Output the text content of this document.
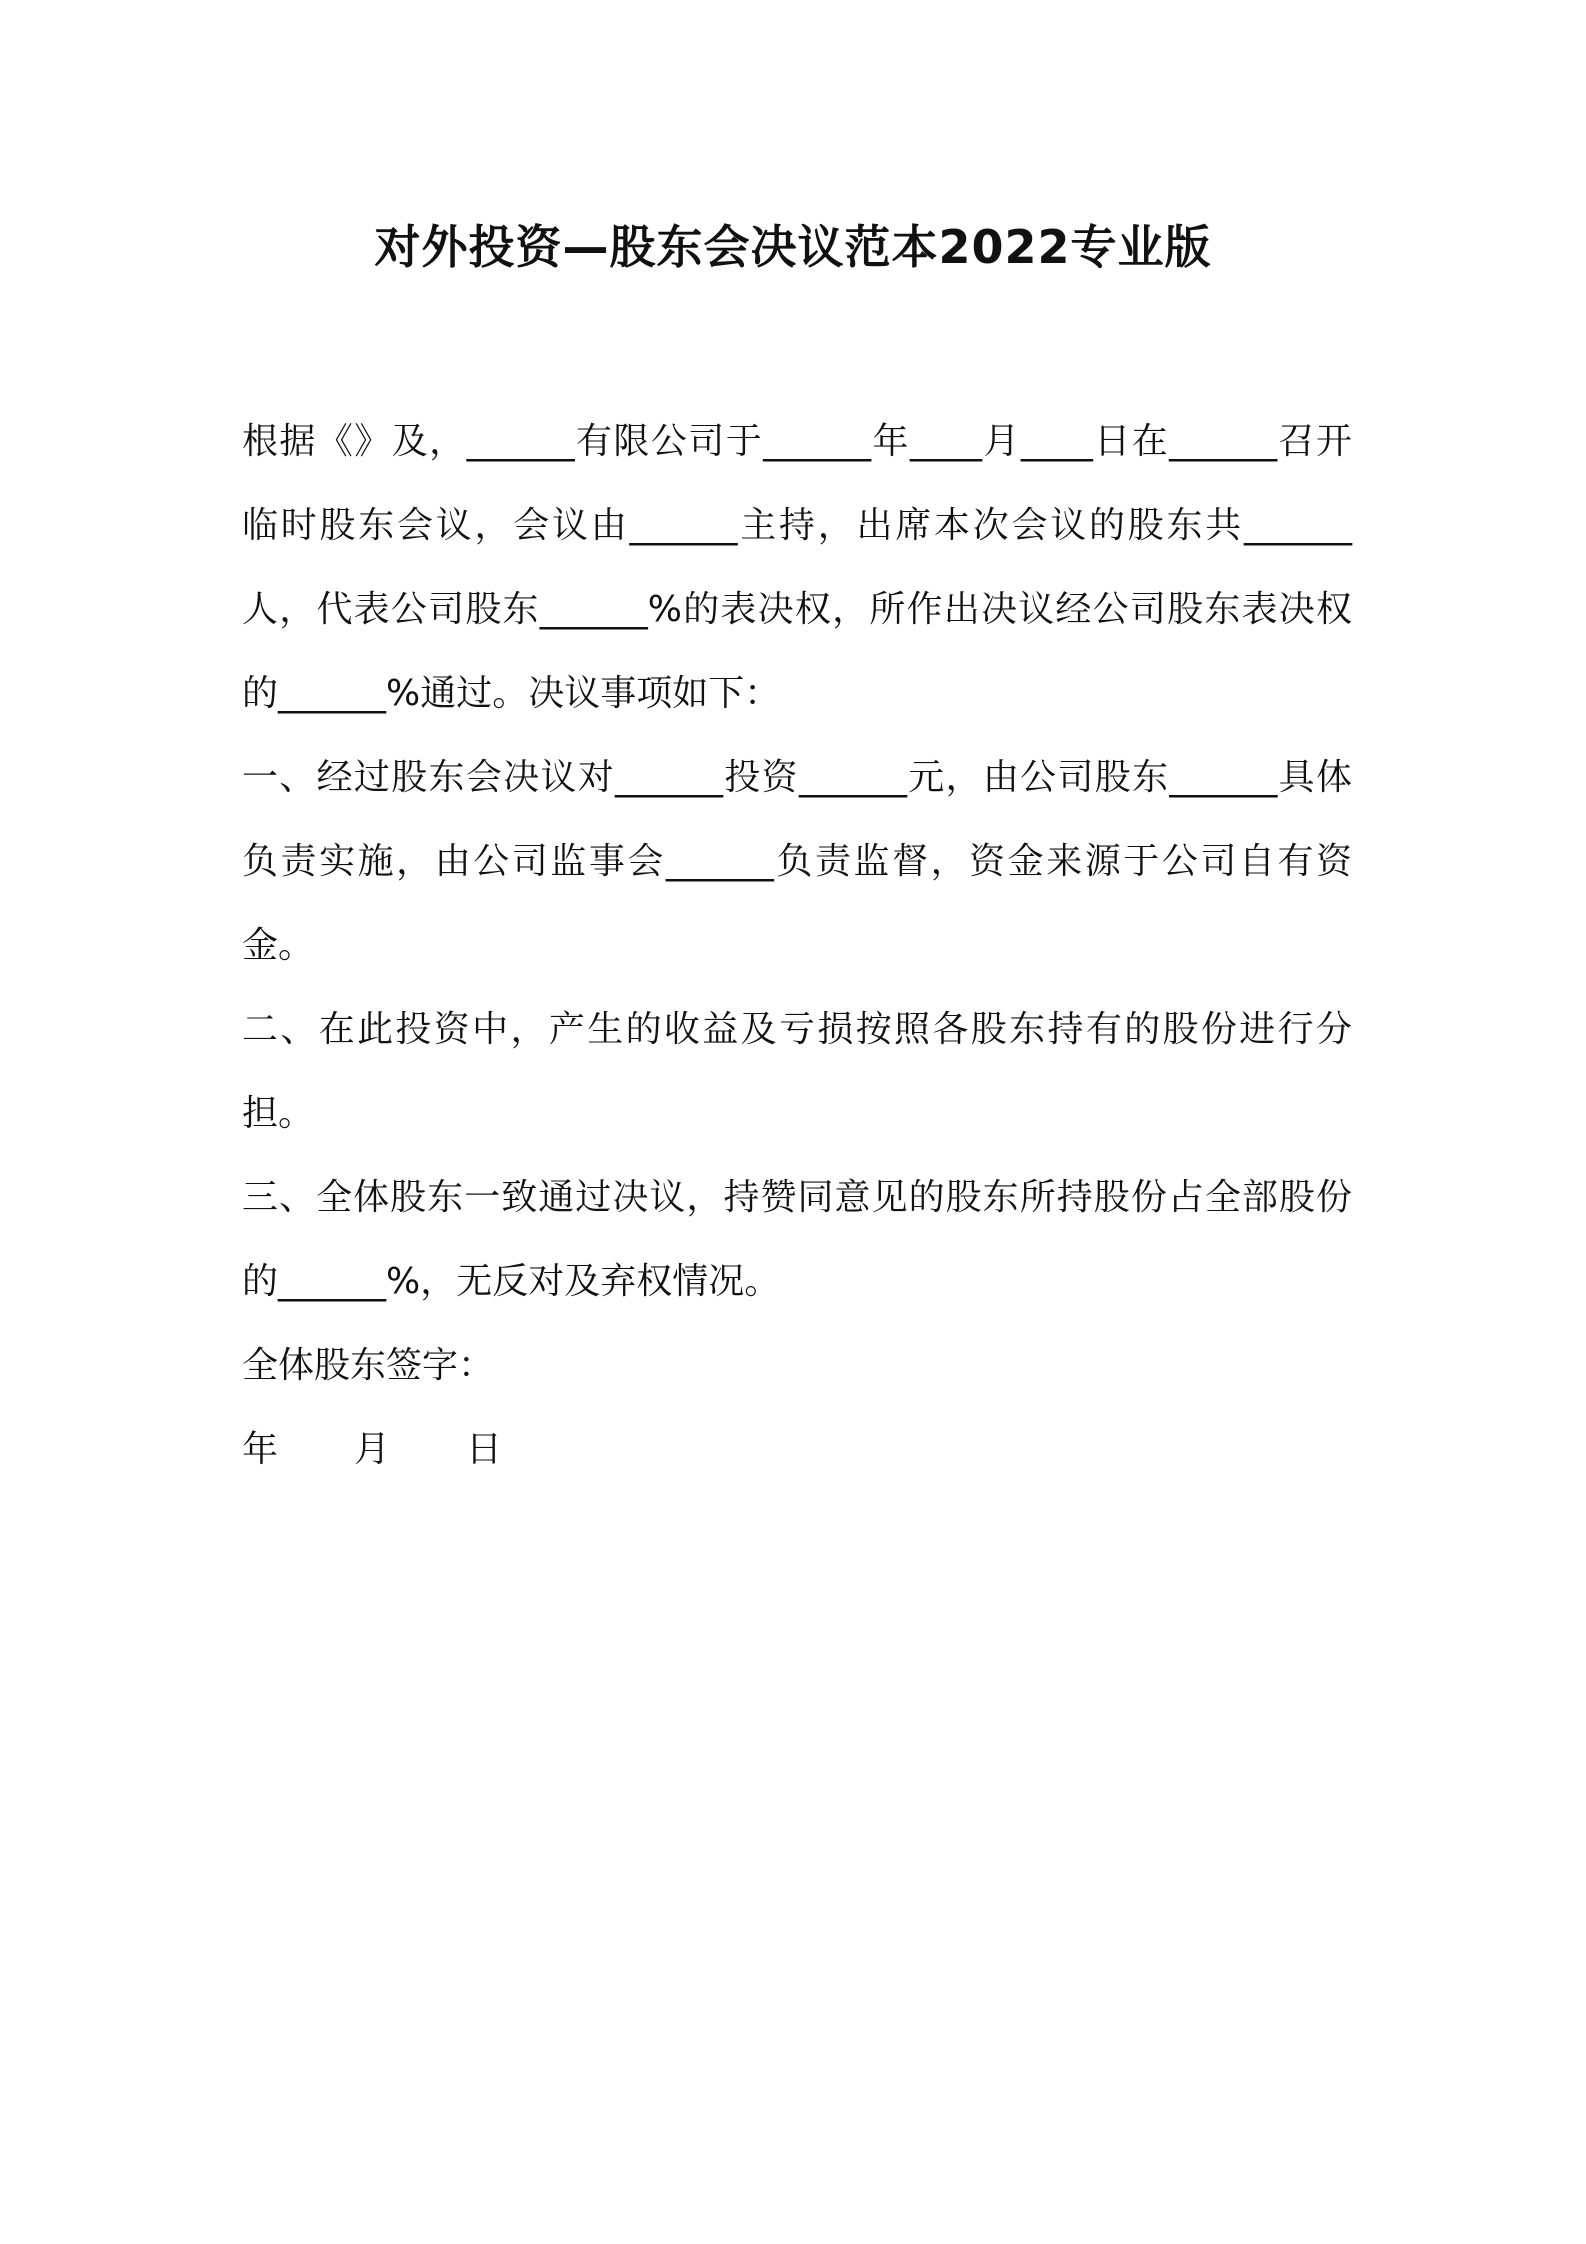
对外投资—股东会决议范本2022专业版

根据《》及，______有限公司于______年____月____日在______召开临时股东会议，会议由______主持，出席本次会议的股东共______人，代表公司股东______%的表决权，所作出决议经公司股东表决权的______%通过。决议事项如下：

一、经过股东会决议对______投资______元，由公司股东______具体负责实施，由公司监事会______负责监督，资金来源于公司自有资金。

二、在此投资中，产生的收益及亏损按照各股东持有的股份进行分担。

三、全体股东一致通过决议，持赞同意见的股东所持股份占全部股份的______%，无反对及弃权情况。

全体股东签字：

年	月	日
